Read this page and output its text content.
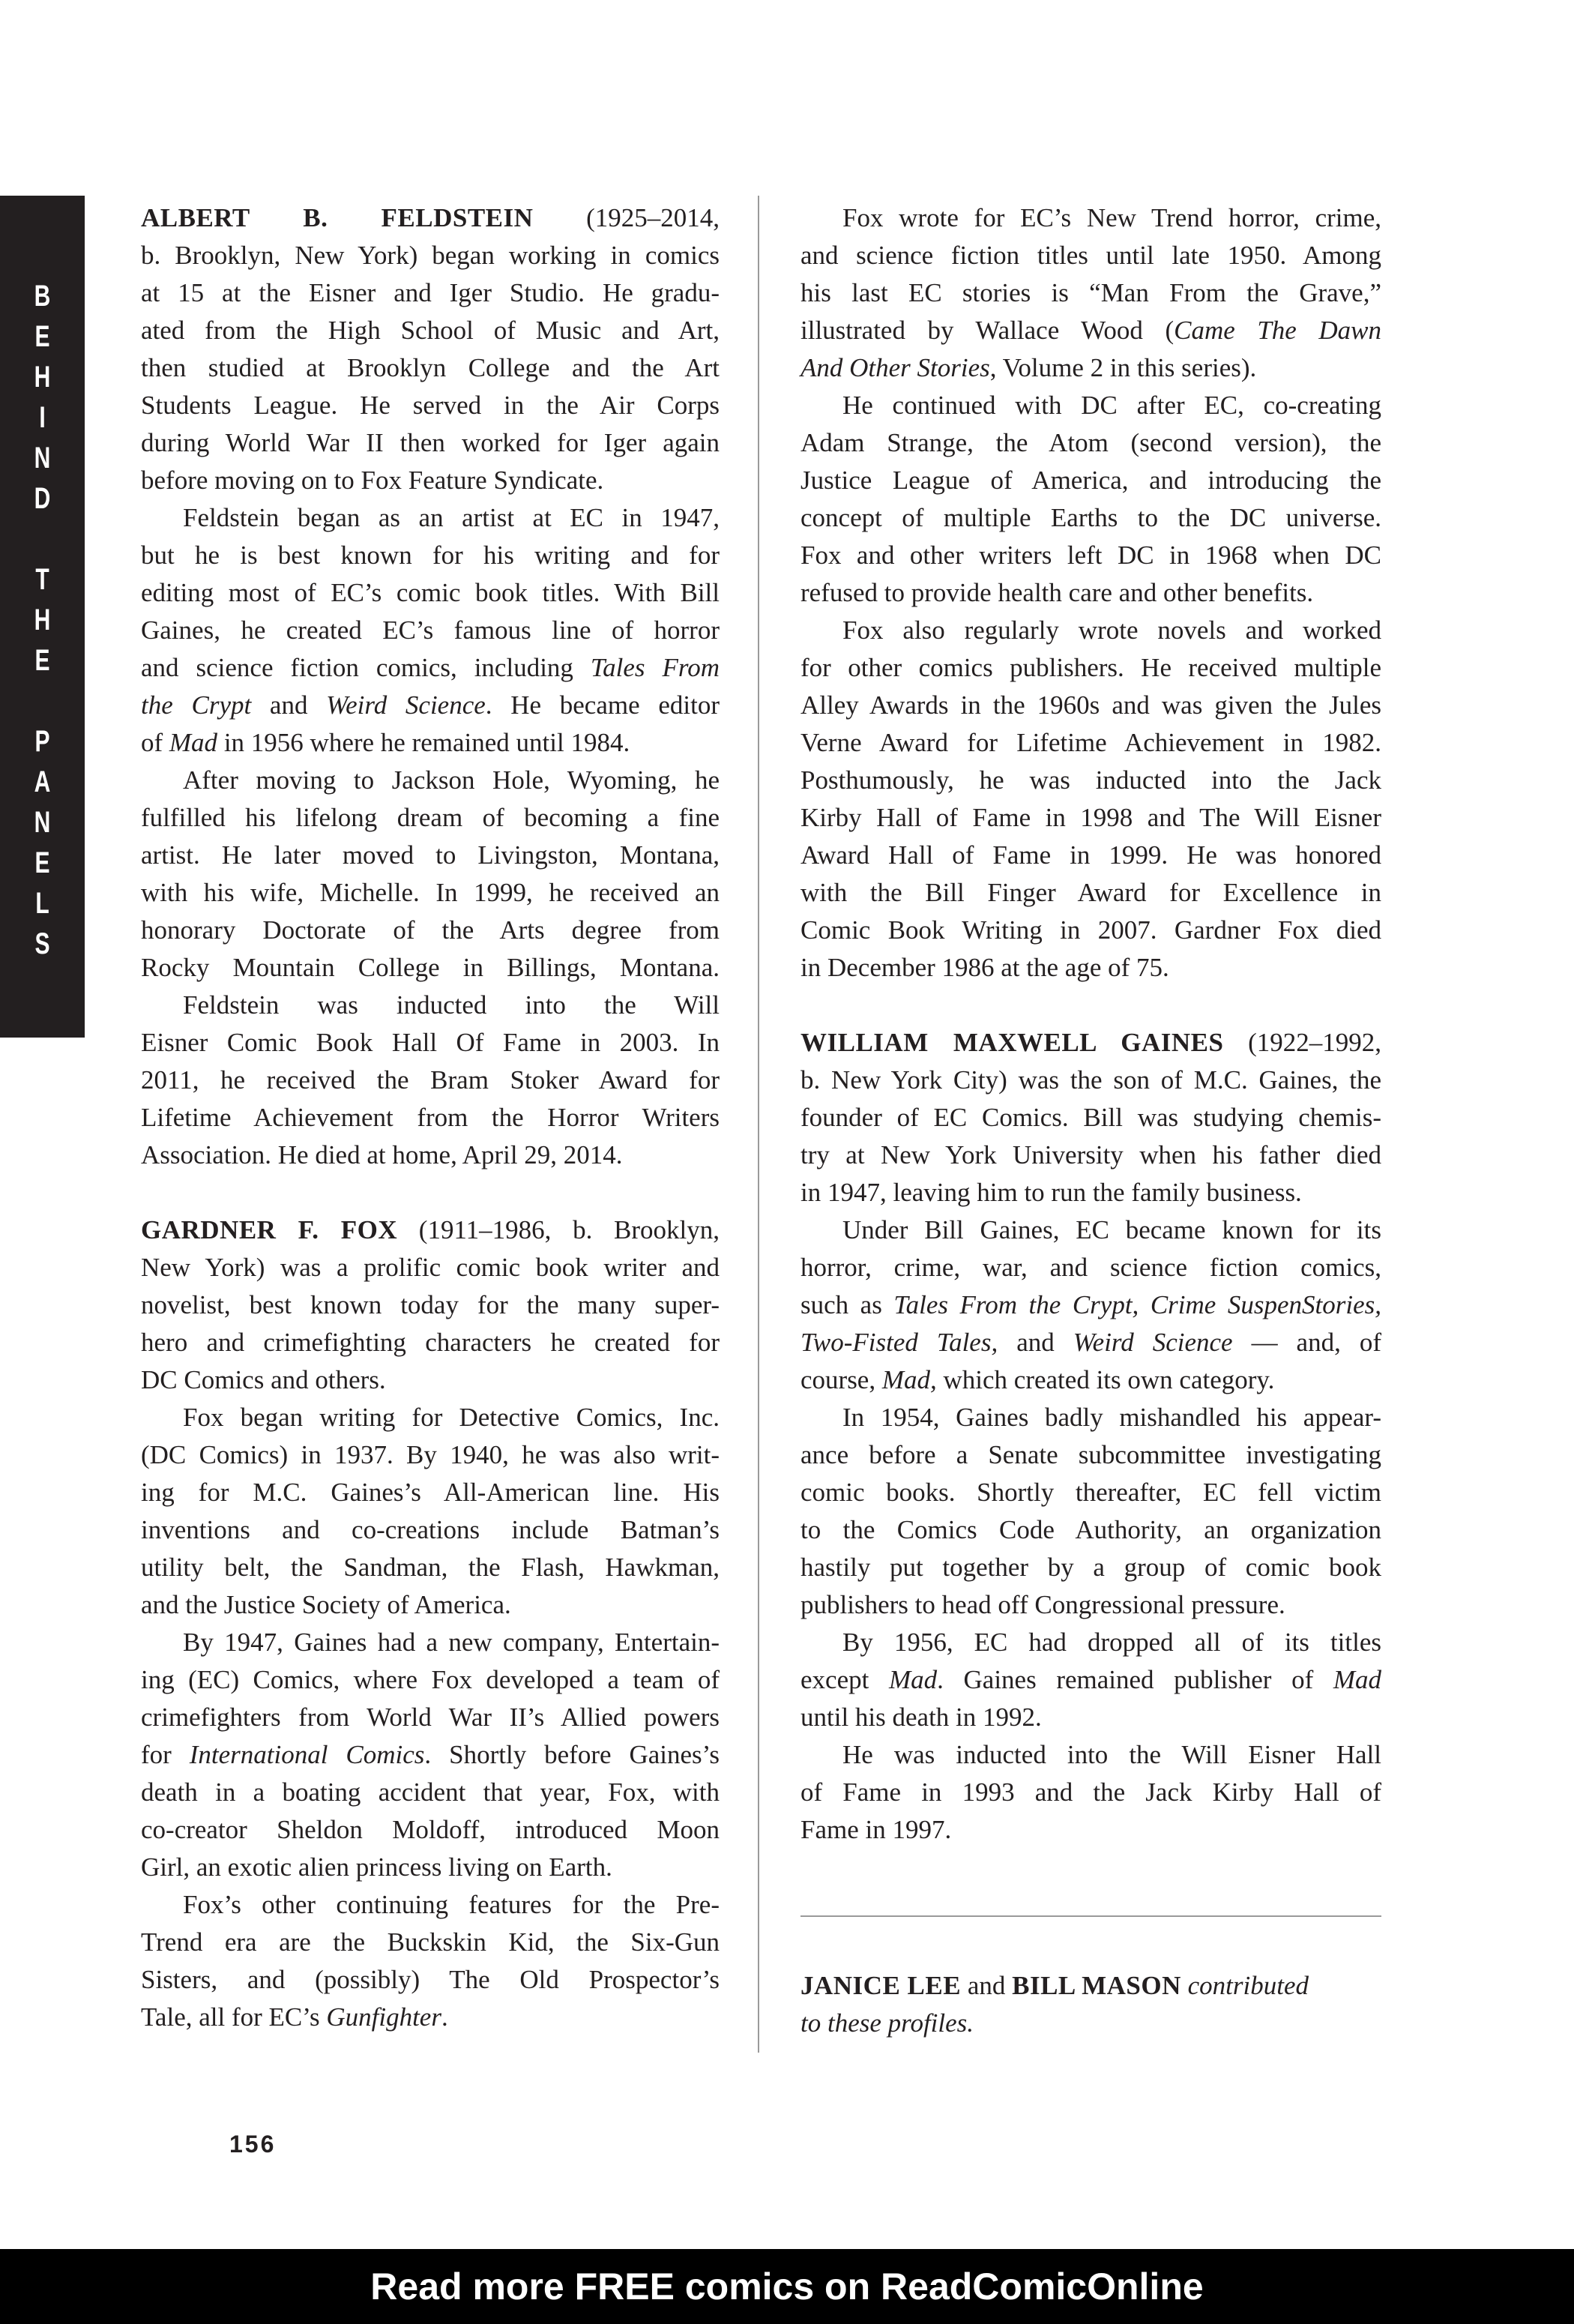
B
E
H
I
N
D
T
H
E
P
A
N
E
L
S
ALBERT B. FELDSTEIN (1925–2014,
b. Brooklyn, New York) began working in comics
at 15 at the Eisner and Iger Studio. He gradu-
ated from the High School of Music and Art,
then studied at Brooklyn College and the Art
Students League. He served in the Air Corps
during World War II then worked for Iger again
before moving on to Fox Feature Syndicate.
Feldstein began as an artist at EC in 1947,
but he is best known for his writing and for
editing most of EC’s comic book titles. With Bill
Gaines, he created EC’s famous line of horror
and science fiction comics, including Tales From
the Crypt and Weird Science. He became editor
of Mad in 1956 where he remained until 1984.
After moving to Jackson Hole, Wyoming, he
fulfilled his lifelong dream of becoming a fine
artist. He later moved to Livingston, Montana,
with his wife, Michelle. In 1999, he received an
honorary Doctorate of the Arts degree from
Rocky Mountain College in Billings, Montana.
Feldstein was inducted into the Will
Eisner Comic Book Hall Of Fame in 2003. In
2011, he received the Bram Stoker Award for
Lifetime Achievement from the Horror Writers
Association. He died at home, April 29, 2014.
GARDNER F. FOX (1911–1986, b. Brooklyn,
New York) was a prolific comic book writer and
novelist, best known today for the many super-
hero and crimefighting characters he created for
DC Comics and others.
Fox began writing for Detective Comics, Inc.
(DC Comics) in 1937. By 1940, he was also writ-
ing for M.C. Gaines’s All-American line. His
inventions and co-creations include Batman’s
utility belt, the Sandman, the Flash, Hawkman,
and the Justice Society of America.
By 1947, Gaines had a new company, Entertain-
ing (EC) Comics, where Fox developed a team of
crimefighters from World War II’s Allied powers
for International Comics. Shortly before Gaines’s
death in a boating accident that year, Fox, with
co-creator Sheldon Moldoff, introduced Moon
Girl, an exotic alien princess living on Earth.
Fox’s other continuing features for the Pre-
Trend era are the Buckskin Kid, the Six-Gun
Sisters, and (possibly) The Old Prospector’s
Tale, all for EC’s Gunfighter.
Fox wrote for EC’s New Trend horror, crime,
and science fiction titles until late 1950. Among
his last EC stories is “Man From the Grave,”
illustrated by Wallace Wood (Came The Dawn
And Other Stories, Volume 2 in this series).
He continued with DC after EC, co-creating
Adam Strange, the Atom (second version), the
Justice League of America, and introducing the
concept of multiple Earths to the DC universe.
Fox and other writers left DC in 1968 when DC
refused to provide health care and other benefits.
Fox also regularly wrote novels and worked
for other comics publishers. He received multiple
Alley Awards in the 1960s and was given the Jules
Verne Award for Lifetime Achievement in 1982.
Posthumously, he was inducted into the Jack
Kirby Hall of Fame in 1998 and The Will Eisner
Award Hall of Fame in 1999. He was honored
with the Bill Finger Award for Excellence in
Comic Book Writing in 2007. Gardner Fox died
in December 1986 at the age of 75.
WILLIAM MAXWELL GAINES (1922–1992,
b. New York City) was the son of M.C. Gaines, the
founder of EC Comics. Bill was studying chemis-
try at New York University when his father died
in 1947, leaving him to run the family business.
Under Bill Gaines, EC became known for its
horror, crime, war, and science fiction comics,
such as Tales From the Crypt, Crime SuspenStories,
Two-Fisted Tales, and Weird Science — and, of
course, Mad, which created its own category.
In 1954, Gaines badly mishandled his appear-
ance before a Senate subcommittee investigating
comic books. Shortly thereafter, EC fell victim
to the Comics Code Authority, an organization
hastily put together by a group of comic book
publishers to head off Congressional pressure.
By 1956, EC had dropped all of its titles
except Mad. Gaines remained publisher of Mad
until his death in 1992.
He was inducted into the Will Eisner Hall
of Fame in 1993 and the Jack Kirby Hall of
Fame in 1997.
JANICE LEE and BILL MASON contributed
to these profiles.
156
Read more FREE comics on ReadComicOnline
